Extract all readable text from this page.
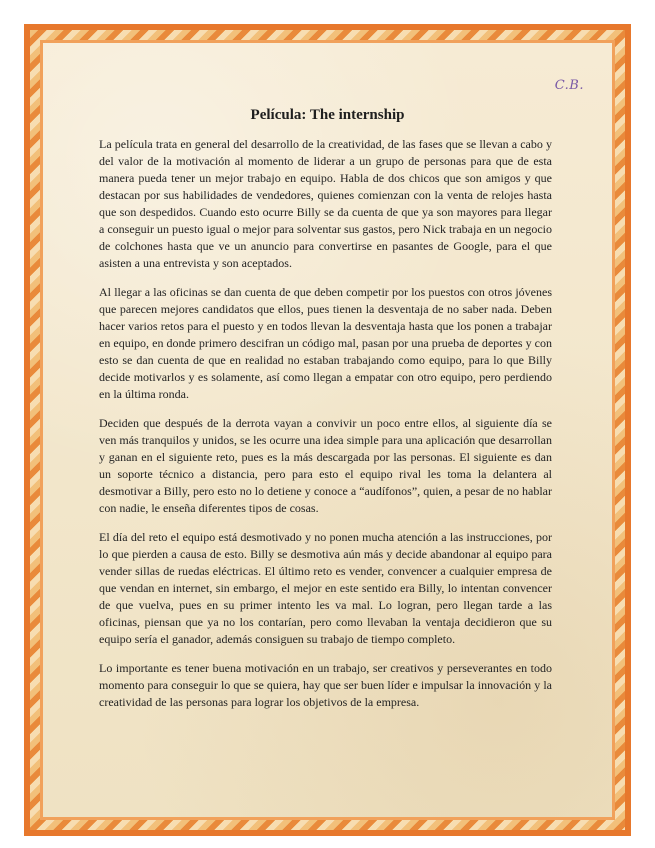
C.B.
Película: The internship

La película trata en general del desarrollo de la creatividad, de las fases que se llevan a cabo y del valor de la motivación al momento de liderar a un grupo de personas para que de esta manera pueda tener un mejor trabajo en equipo. Habla de dos chicos que son amigos y que destacan por sus habilidades de vendedores, quienes comienzan con la venta de relojes hasta que son despedidos. Cuando esto ocurre Billy se da cuenta de que ya son mayores para llegar a conseguir un puesto igual o mejor para solventar sus gastos, pero Nick trabaja en un negocio de colchones hasta que ve un anuncio para convertirse en pasantes de Google, para el que asisten a una entrevista y son aceptados.

Al llegar a las oficinas se dan cuenta de que deben competir por los puestos con otros jóvenes que parecen mejores candidatos que ellos, pues tienen la desventaja de no saber nada. Deben hacer varios retos para el puesto y en todos llevan la desventaja hasta que los ponen a trabajar en equipo, en donde primero descifran un código mal, pasan por una prueba de deportes y con esto se dan cuenta de que en realidad no estaban trabajando como equipo, para lo que Billy decide motivarlos y es solamente, así como llegan a empatar con otro equipo, pero perdiendo en la última ronda.

Deciden que después de la derrota vayan a convivir un poco entre ellos, al siguiente día se ven más tranquilos y unidos, se les ocurre una idea simple para una aplicación que desarrollan y ganan en el siguiente reto, pues es la más descargada por las personas. El siguiente es dan un soporte técnico a distancia, pero para esto el equipo rival les toma la delantera al desmotivar a Billy, pero esto no lo detiene y conoce a “audífonos”, quien, a pesar de no hablar con nadie, le enseña diferentes tipos de cosas.

El día del reto el equipo está desmotivado y no ponen mucha atención a las instrucciones, por lo que pierden a causa de esto. Billy se desmotiva aún más y decide abandonar al equipo para vender sillas de ruedas eléctricas. El último reto es vender, convencer a cualquier empresa de que vendan en internet, sin embargo, el mejor en este sentido era Billy, lo intentan convencer de que vuelva, pues en su primer intento les va mal. Lo logran, pero llegan tarde a las oficinas, piensan que ya no los contarían, pero como llevaban la ventaja decidieron que su equipo sería el ganador, además consiguen su trabajo de tiempo completo.

Lo importante es tener buena motivación en un trabajo, ser creativos y perseverantes en todo momento para conseguir lo que se quiera, hay que ser buen líder e impulsar la innovación y la creatividad de las personas para lograr los objetivos de la empresa.
